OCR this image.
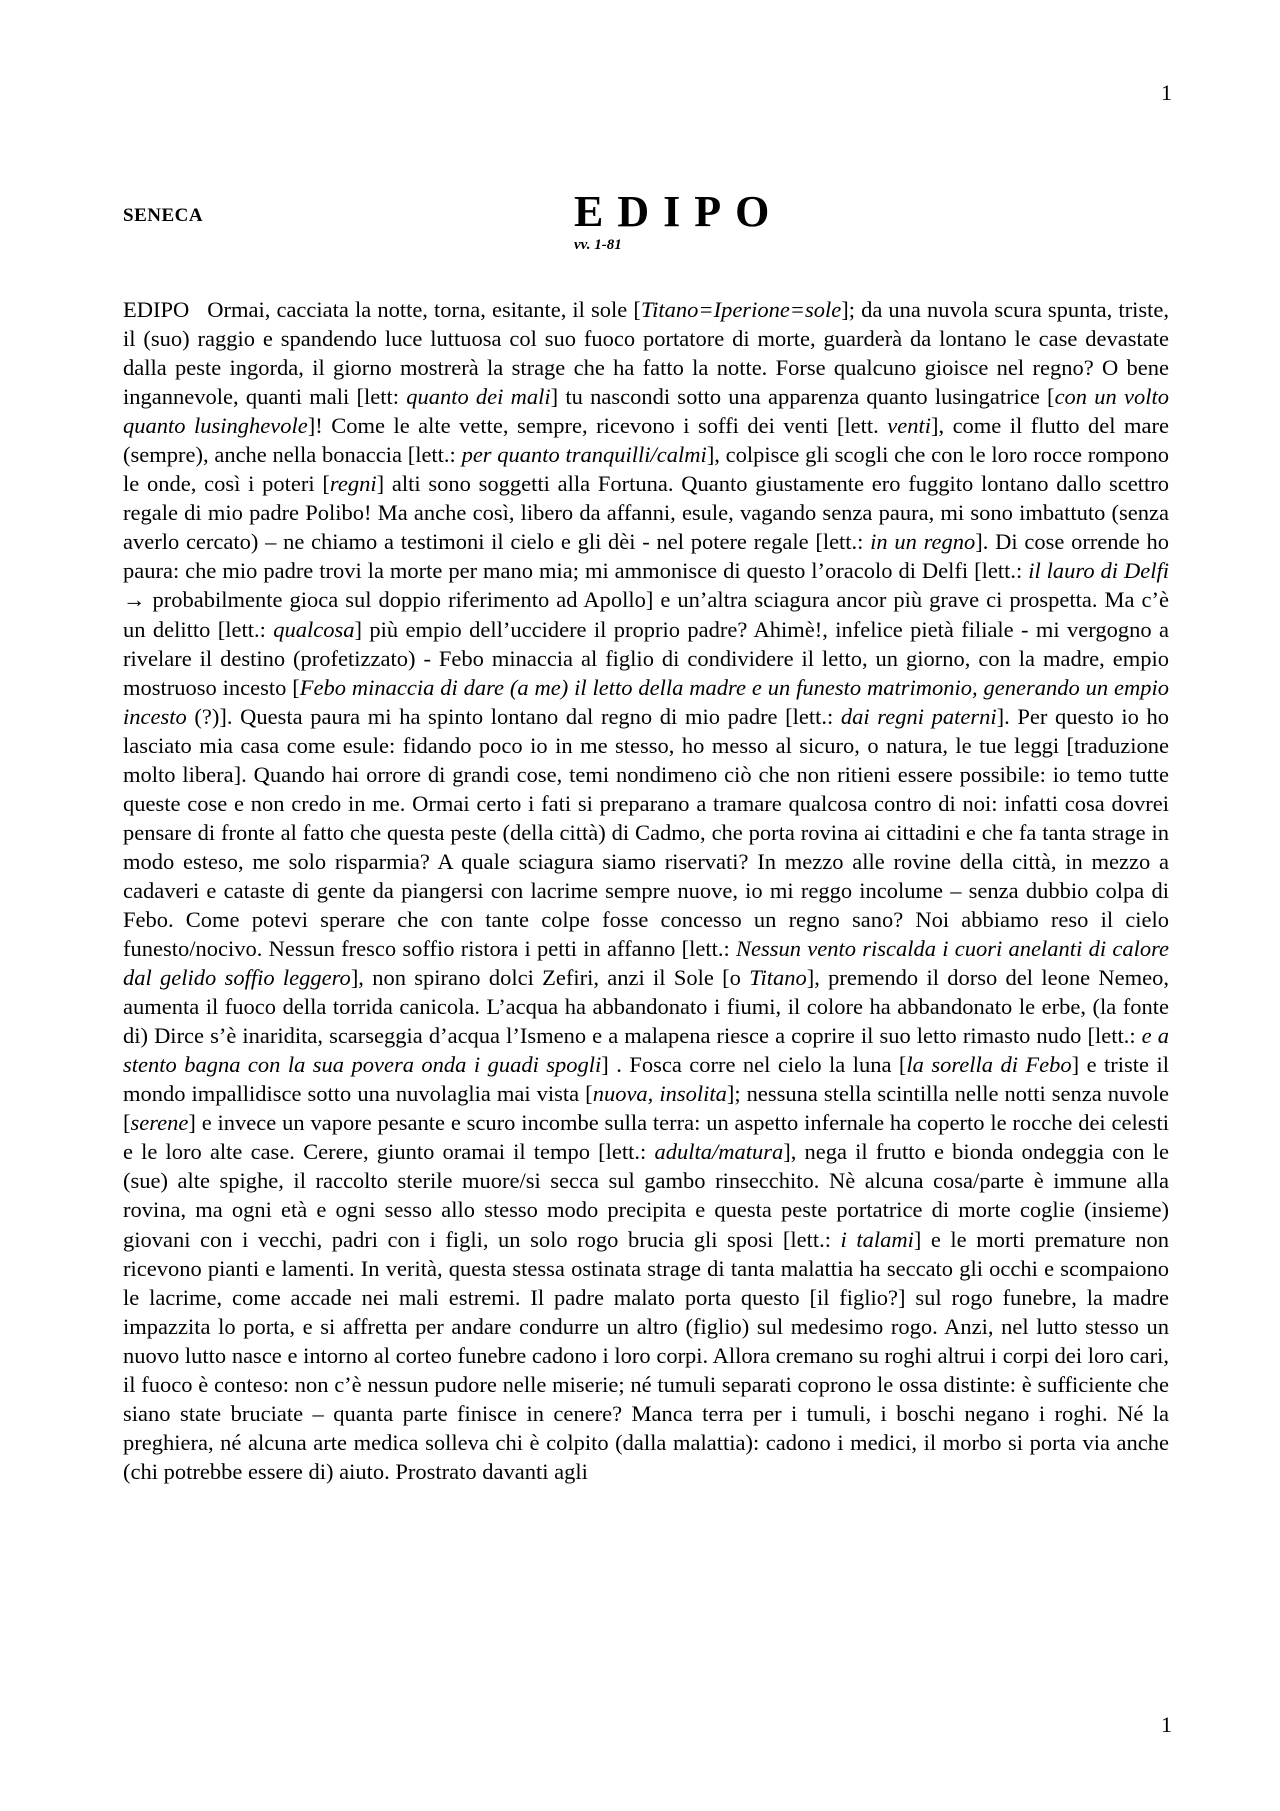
1
SENECA	EDIPO
vv. 1-81

EDIPO Ormai, cacciata la notte, torna, esitante, il sole [Titano=Iperione=sole]; da una nuvola scura spunta, triste, il (suo) raggio e spandendo luce luttuosa col suo fuoco portatore di morte, guarderà da lontano le case devastate dalla peste ingorda, il giorno mostrerà la strage che ha fatto la notte. Forse qualcuno gioisce nel regno? O bene ingannevole, quanti mali [lett: quanto dei mali] tu nascondi sotto una apparenza quanto lusingatrice [con un volto quanto lusinghevole]! Come le alte vette, sempre, ricevono i soffi dei venti [lett. venti], come il flutto del mare (sempre), anche nella bonaccia [lett.: per quanto tranquilli/calmi], colpisce gli scogli che con le loro rocce rompono le onde, così i poteri [regni] alti sono soggetti alla Fortuna. Quanto giustamente ero fuggito lontano dallo scettro regale di mio padre Polibo! Ma anche così, libero da affanni, esule, vagando senza paura, mi sono imbattuto (senza averlo cercato) – ne chiamo a testimoni il cielo e gli dèi - nel potere regale [lett.: in un regno]. Di cose orrende ho paura: che mio padre trovi la morte per mano mia; mi ammonisce di questo l’oracolo di Delfi [lett.: il lauro di Delfi → probabilmente gioca sul doppio riferimento ad Apollo] e un’altra sciagura ancor più grave ci prospetta. Ma c’è un delitto [lett.: qualcosa] più empio dell’uccidere il proprio padre? Ahimè!, infelice pietà filiale - mi vergogno a rivelare il destino (profetizzato) - Febo minaccia al figlio di condividere il letto, un giorno, con la madre, empio mostruoso incesto [Febo minaccia di dare (a me) il letto della madre e un funesto matrimonio, generando un empio incesto (?)]. Questa paura mi ha spinto lontano dal regno di mio padre [lett.: dai regni paterni]. Per questo io ho lasciato mia casa come esule: fidando poco io in me stesso, ho messo al sicuro, o natura, le tue leggi [traduzione molto libera]. Quando hai orrore di grandi cose, temi nondimeno ciò che non ritieni essere possibile: io temo tutte queste cose e non credo in me. Ormai certo i fati si preparano a tramare qualcosa contro di noi: infatti cosa dovrei pensare di fronte al fatto che questa peste (della città) di Cadmo, che porta rovina ai cittadini e che fa tanta strage in modo esteso, me solo risparmia? A quale sciagura siamo riservati? In mezzo alle rovine della città, in mezzo a cadaveri e cataste di gente da piangersi con lacrime sempre nuove, io mi reggo incolume – senza dubbio colpa di Febo. Come potevi sperare che con tante colpe fosse concesso un regno sano? Noi abbiamo reso il cielo funesto/nocivo. Nessun fresco soffio ristora i petti in affanno [lett.: Nessun vento riscalda i cuori anelanti di calore dal gelido soffio leggero], non spirano dolci Zefiri, anzi il Sole [o Titano], premendo il dorso del leone Nemeo, aumenta il fuoco della torrida canicola. L’acqua ha abbandonato i fiumi, il colore ha abbandonato le erbe, (la fonte di) Dirce s’è inaridita, scarseggia d’acqua l’Ismeno e a malapena riesce a coprire il suo letto rimasto nudo [lett.: e a stento bagna con la sua povera onda i guadi spogli] . Fosca corre nel cielo la luna [la sorella di Febo] e triste il mondo impallidisce sotto una nuvolaglia mai vista [nuova, insolita]; nessuna stella scintilla nelle notti senza nuvole [serene] e invece un vapore pesante e scuro incombe sulla terra: un aspetto infernale ha coperto le rocche dei celesti e le loro alte case. Cerere, giunto oramai il tempo [lett.: adulta/matura], nega il frutto e bionda ondeggia con le (sue) alte spighe, il raccolto sterile muore/si secca sul gambo rinsecchito. Nè alcuna cosa/parte è immune alla rovina, ma ogni età e ogni sesso allo stesso modo precipita e questa peste portatrice di morte coglie (insieme) giovani con i vecchi, padri con i figli, un solo rogo brucia gli sposi [lett.: i talami] e le morti premature non ricevono pianti e lamenti. In verità, questa stessa ostinata strage di tanta malattia ha seccato gli occhi e scompaiono le lacrime, come accade nei mali estremi. Il padre malato porta questo [il figlio?] sul rogo funebre, la madre impazzita lo porta, e si affretta per andare condurre un altro (figlio) sul medesimo rogo. Anzi, nel lutto stesso un nuovo lutto nasce e intorno al corteo funebre cadono i loro corpi. Allora cremano su roghi altrui i corpi dei loro cari, il fuoco è conteso: non c’è nessun pudore nelle miserie; né tumuli separati coprono le ossa distinte: è sufficiente che siano state bruciate – quanta parte finisce in cenere? Manca terra per i tumuli, i boschi negano i roghi. Né la preghiera, né alcuna arte medica solleva chi è colpito (dalla malattia): cadono i medici, il morbo si porta via anche (chi potrebbe essere di) aiuto. Prostrato davanti agli

1
